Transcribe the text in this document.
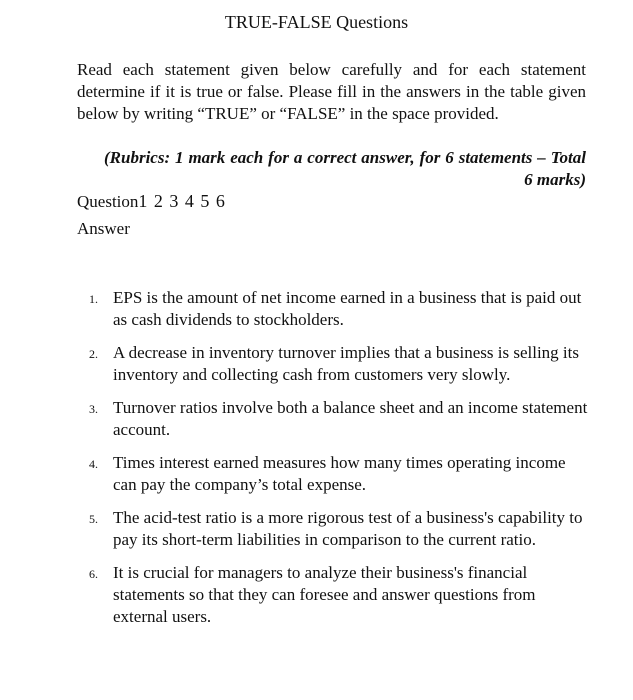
TRUE-FALSE Questions
Read each statement given below carefully and for each statement determine if it is true or false. Please fill in the answers in the table given below by writing “TRUE” or “FALSE” in the space provided.
(Rubrics: 1 mark each for a correct answer, for 6 statements – Total 6 marks)
Question1 2 3 4 5 6
Answer
1 . EPS is the amount of net income earned in a business that is paid out as cash dividends to stockholders.
2 . A decrease in inventory turnover implies that a business is selling its inventory and collecting cash from customers very slowly.
3 . Turnover ratios involve both a balance sheet and an income statement account.
4 . Times interest earned measures how many times operating income can pay the company’s total expense.
5 . The acid-test ratio is a more rigorous test of a business's capability to pay its short-term liabilities in comparison to the current ratio.
6 . It is crucial for managers to analyze their business's financial statements so that they can foresee and answer questions from external users.
